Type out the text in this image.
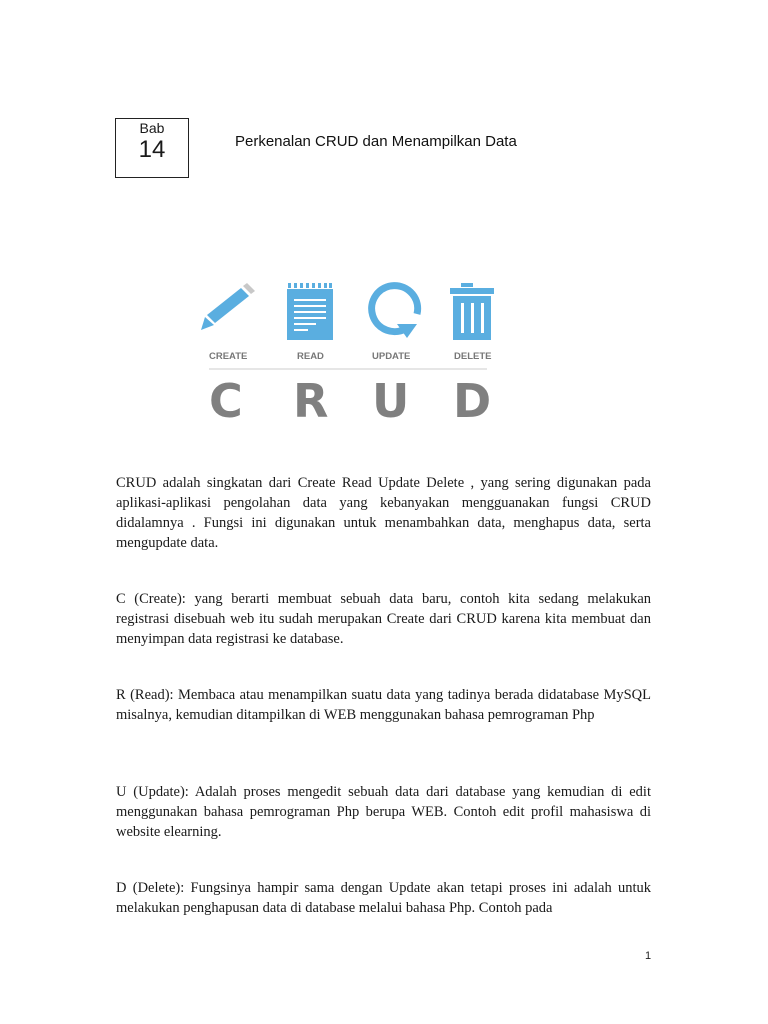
Bab
14	Perkenalan CRUD dan Menampilkan Data
CREATE	READ	UPDATE	DELETE
C R U D

CRUD adalah singkatan dari Create Read Update Delete , yang sering digunakan pada aplikasi-aplikasi pengolahan data yang kebanyakan mengguanakan fungsi CRUD didalamnya . Fungsi ini digunakan untuk menambahkan data, menghapus data, serta mengupdate data.

C (Create): yang berarti membuat sebuah data baru, contoh kita sedang melakukan registrasi disebuah web itu sudah merupakan Create dari CRUD karena kita membuat dan menyimpan data registrasi ke database.

R (Read): Membaca atau menampilkan suatu data yang tadinya berada didatabase MySQL misalnya, kemudian ditampilkan di WEB menggunakan bahasa pemrograman Php

U (Update): Adalah proses mengedit sebuah data dari database yang kemudian di edit menggunakan bahasa pemrograman Php berupa WEB. Contoh edit profil mahasiswa di website elearning.

D (Delete): Fungsinya hampir sama dengan Update akan tetapi proses ini adalah untuk melakukan penghapusan data di database melalui bahasa Php. Contoh pada

1
